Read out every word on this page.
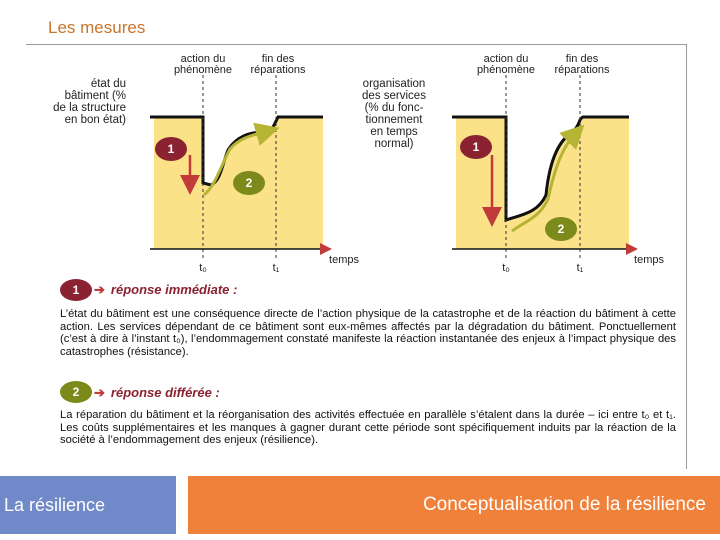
Les mesures
1
2
action du
phénomène
fin des
réparations
t₀	t₁
temps
état du
bâtiment (%
de la structure
en bon état)
1
2
action du
phénomène
fin des
réparations
t₀	t₁
temps
organisation
des services
(% du fonc-
tionnement
en temps
normal)
1	➔ réponse immédiate :
L’état du bâtiment est une conséquence directe de l’action physique de la catastrophe et de la réaction du bâtiment à cette action. Les services dépendant de ce bâtiment sont eux-mêmes affectés par la dégradation du bâtiment. Ponctuellement (c’est à dire à l’instant t₀), l’endommagement constaté manifeste la réaction instantanée des enjeux à l’impact physique des catastrophes (résistance).
2	➔ réponse différée :
La réparation du bâtiment et la réorganisation des activités effectuée en parallèle s’étalent dans la durée – ici entre t₀ et t₁. Les coûts supplémentaires et les manques à gagner durant cette période sont spécifiquement induits par la réaction de la société à l’endommagement des enjeux (résilience).
La résilience	Conceptualisation de la résilience
